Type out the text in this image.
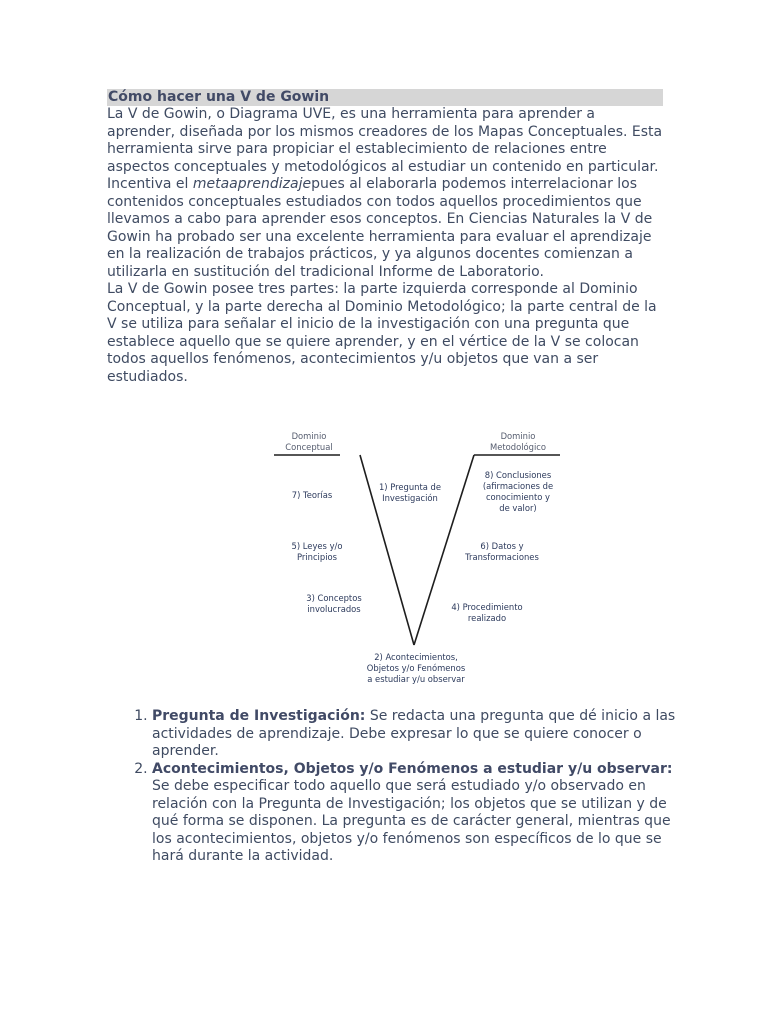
Cómo hacer una V de Gowin

La V de Gowin, o Diagrama UVE, es una herramienta para aprender a aprender, diseñada por los mismos creadores de los Mapas Conceptuales. Esta herramienta sirve para propiciar el establecimiento de relaciones entre aspectos conceptuales y metodológicos al estudiar un contenido en particular. Incentiva el metaaprendizajepues al elaborarla podemos interrelacionar los contenidos conceptuales estudiados con todos aquellos procedimientos que llevamos a cabo para aprender esos conceptos. En Ciencias Naturales la V de Gowin ha probado ser una excelente herramienta para evaluar el aprendizaje en la realización de trabajos prácticos, y ya algunos docentes comienzan a utilizarla en sustitución del tradicional Informe de Laboratorio.

La V de Gowin posee tres partes: la parte izquierda corresponde al Dominio Conceptual, y la parte derecha al Dominio Metodológico; la parte central de la V se utiliza para señalar el inicio de la investigación con una pregunta que establece aquello que se quiere aprender, y en el vértice de la V se colocan todos aquellos fenómenos, acontecimientos y/u objetos que van a ser estudiados.

Dominio
Conceptual
Dominio
Metodológico
7) Teorías
5) Leyes y/o
Principios
3) Conceptos
involucrados
1) Pregunta de
Investigación
8) Conclusiones
(afirmaciones de
conocimiento y
de valor)
6) Datos y
Transformaciones
4) Procedimiento
realizado
2) Acontecimientos,
Objetos y/o Fenómenos
a estudiar y/u observar
1. Pregunta de Investigación: Se redacta una pregunta que dé inicio a las actividades de aprendizaje. Debe expresar lo que se quiere conocer o aprender.
2. Acontecimientos, Objetos y/o Fenómenos a estudiar y/u observar: Se debe especificar todo aquello que será estudiado y/o observado en relación con la Pregunta de Investigación; los objetos que se utilizan y de qué forma se disponen. La pregunta es de carácter general, mientras que los acontecimientos, objetos y/o fenómenos son específicos de lo que se hará durante la actividad.
